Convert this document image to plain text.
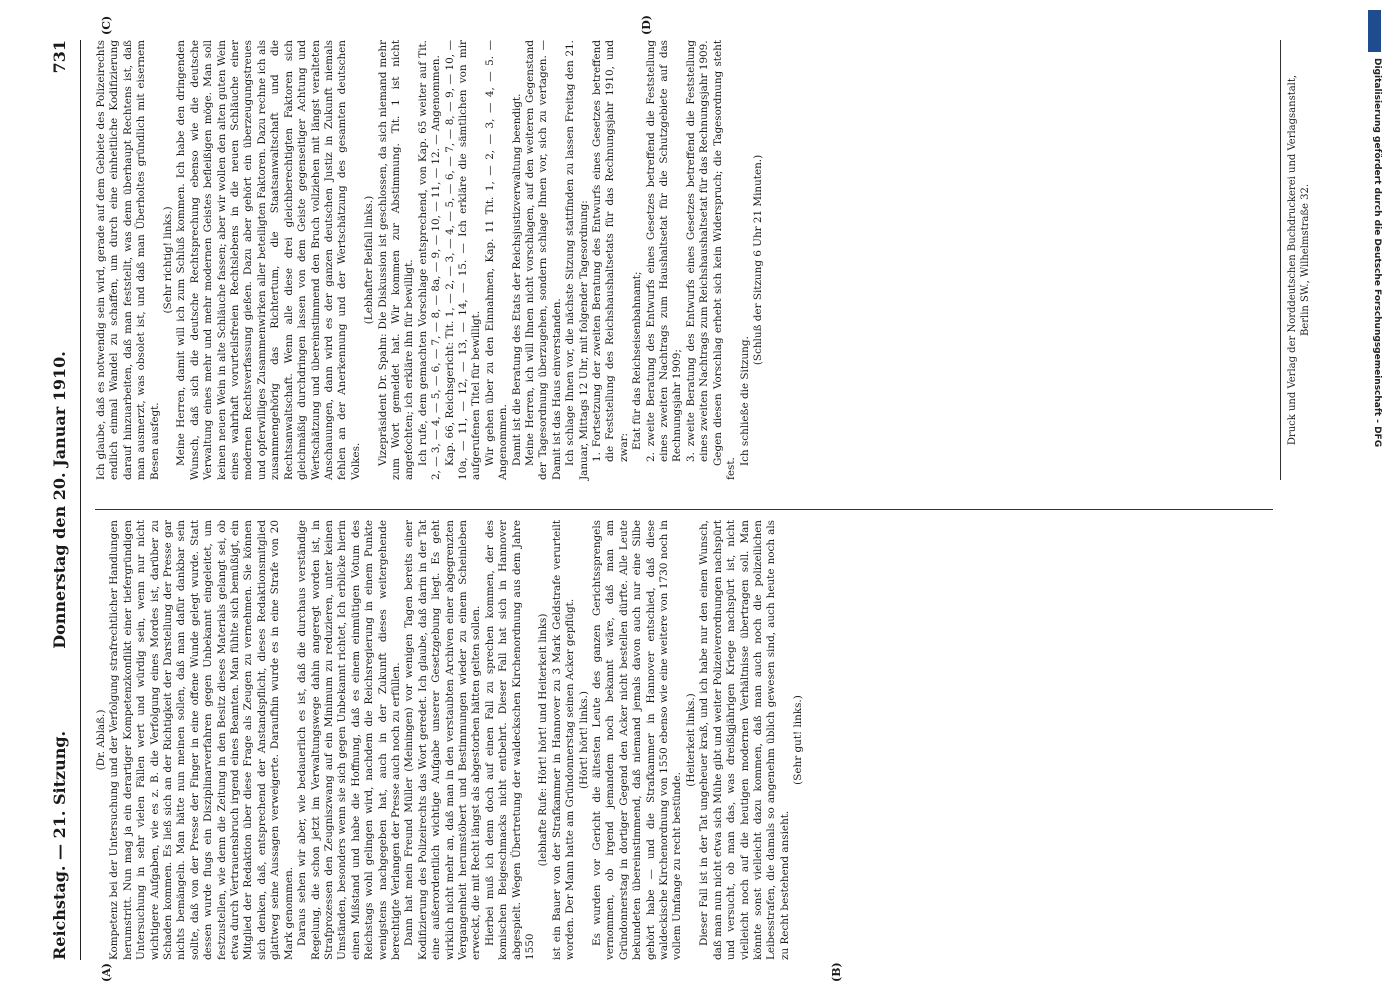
Reichstag. — 21. Sitzung.
Donnerstag den 20. Januar 1910.
731
(A)	(B)
(C)	(D)

(Dr. Ablaß.) Kompetenz bei der Untersuchung und der Verfolgung strafrechtlicher Handlungen herumstritt. Nun mag ja ein derartiger Kompetenzkonflikt einer tiefergründigen Untersuchung in sehr vielen Fällen wert und würdig sein, wenn nur nicht wichtigere Aufgaben, wie es z. B. die Verfolgung eines Mordes ist, darüber zu Schaden kommen. Es ließ sich an der Richtigkeit der Darstellung der Presse gar nichts bemängeln. Man hätte nun meinen sollen, daß man dafür dankbar sein sollte, daß von der Presse der Finger in eine offene Wunde gelegt wurde. Statt dessen wurde flugs ein Disziplinarverfahren gegen Unbekannt eingeleitet, um festzustellen, wie denn die Zeitung in den Besitz dieses Materials gelangt sei, ob etwa durch Vertrauensbruch irgend eines Beamten. Man fühlte sich bemüßigt, ein Mitglied der Redaktion über diese Frage als Zeugen zu vernehmen. Sie können sich denken, daß, entsprechend der Anstandspflicht, dieses Redaktionsmitglied glattweg seine Aussagen verweigerte. Daraufhin wurde es in eine Strafe von 20 Mark genommen. Daraus sehen wir aber, wie bedauerlich es ist, daß die durchaus verständige Regelung, die schon jetzt im Verwaltungswege dahin angeregt worden ist, in Strafprozessen den Zeugniszwang auf ein Minimum zu reduzieren, unter keinen Umständen, besonders wenn sie sich gegen Unbekannt richtet, Ich erblicke hierin einen Mißstand und habe die Hoffnung, daß es einem einmütigen Votum des Reichstags wohl gelingen wird, nachdem die Reichsregierung in einem Punkte wenigstens nachgegeben hat, auch in der Zukunft dieses weitergehende berechtigte Verlangen der Presse auch noch zu erfüllen. Dann hat mein Freund Müller (Meiningen) vor wenigen Tagen bereits einer Kodifizierung des Polizeirechts das Wort geredet. Ich glaube, daß darin in der Tat eine außerordentlich wichtige Aufgabe unserer Gesetzgebung liegt. Es geht wirklich nicht mehr an, daß man in den verstaubten Archiven einer abgegrenzten Vergangenheit herumstöbert und Bestimmungen wieder zu einem Scheinleben erweckt, die mit Recht längst als abgestorben hätten gelten sollen. Hierbei muß ich denn doch auf einen Fall zu sprechen kommen, der des komischen Beigeschmacks nicht entbehrt. Dieser Fall hat sich in Hannover abgespielt. Wegen Übertretung der waldeckschen Kirchenordnung aus dem Jahre 1550

(lebhafte Rufe: Hört! hört! und Heiterkeit links) ist ein Bauer von der Strafkammer in Hannover zu 3 Mark Geldstrafe verurteilt worden. Der Mann hatte am Gründonnerstag seinen Acker gepflügt. (Hört! hört! links.) Es wurden vor Gericht die ältesten Leute des ganzen Gerichtssprengels vernommen, ob irgend jemandem noch bekannt wäre, daß man am Gründonnerstag in dortiger Gegend den Acker nicht bestellen dürfte. Alle Leute bekundeten übereinstimmend, daß niemand jemals davon auch nur eine Silbe gehört habe — und die Strafkammer in Hannover entschied, daß diese waldeckische Kirchenordnung von 1550 ebenso wie eine weitere von 1730 noch in vollem Umfange zu recht bestünde.

(Heiterkeit links.) Dieser Fall ist in der Tat ungeheuer kraß, und ich habe nur den einen Wunsch, daß man nun nicht etwa sich Mühe gibt und weiter Polizeiverordnungen nachspürt und versucht, ob man das, was dreißigjährigen Kriege nachspürt ist, nicht vielleicht noch auf die heutigen modernen Verhältnisse übertragen soll. Man könnte sonst vielleicht dazu kommen, daß man auch noch die polizeilichen Leibesstrafen, die damals so angenehm üblich gewesen sind, auch heute noch als zu Recht bestehend ansieht.

(Sehr gut! links.)

Ich glaube, daß es notwendig sein wird, gerade auf dem Gebiete des Polizeirechts endlich einmal Wandel zu schaffen, um durch eine einheitliche Kodifizierung darauf hinzuarbeiten, daß man feststellt, was denn überhaupt Rechtens ist, daß man ausmerzt, was obsolet ist, und daß man Überholtes gründlich mit eisernem Besen ausfegt.

(Sehr richtig! links.) Meine Herren, damit will ich zum Schluß kommen. Ich habe den dringenden Wunsch, daß sich die deutsche Rechtsprechung ebenso wie die deutsche Verwaltung eines mehr und mehr modernen Geistes befleißigen möge. Man soll keinen neuen Wein in alte Schläuche fassen; aber wir wollen den alten guten Wein eines wahrhaft vorurteilsfreien Rechtslebens in die neuen Schläuche einer modernen Rechtsverfassung gießen. Dazu aber gehört ein überzeugungstreues und opferwilliges Zusammenwirken aller beteiligten Faktoren. Dazu rechne ich als zusammengehörig das Richtertum, die Staatsanwaltschaft und die Rechtsanwaltschaft. Wenn alle diese drei gleichberechtigten Faktoren sich gleichmäßig durchdringen lassen von dem Geiste gegenseitiger Achtung und Wertschätzung und übereinstimmend den Bruch vollziehen mit längst veralteten Anschauungen, dann wird es der ganzen deutschen Justiz in Zukunft niemals fehlen an der Anerkennung und der Wertschätzung des gesamten deutschen Volkes.

(Lebhafter Beifall links.) Vizepräsident Dr. Spahn: Die Diskussion ist geschlossen, da sich niemand mehr zum Wort gemeldet hat. Wir kommen zur Abstimmung. Tit. 1 ist nicht angefochten; ich erkläre ihn für bewilligt. Ich rufe, dem gemachten Vorschlage entsprechend, von Kap. 65 weiter auf Tit. 2, — 3, — 4, — 5, — 6, — 7, — 8, — 8a, — 9, — 10, — 11, — 12. — Angenommen. Kap. 66, Reichsgericht: Tit. 1, — 2, — 3, — 4, — 5, — 6, — 7, — 8, — 9, — 10, — 10a, — 11, — 12, — 13, — 14, — 15. — Ich erkläre die sämtlichen von mir aufgerufenen Titel für bewilligt. Wir gehen über zu den Einnahmen, Kap. 11 Tit. 1, — 2, — 3, — 4, — 5. — Angenommen. Damit ist die Beratung des Etats der Reichsjustizverwaltung beendigt. Meine Herren, ich will Ihnen nicht vorschlagen, auf den weiteren Gegenstand der Tagesordnung überzugehen, sondern schlage Ihnen vor, sich zu vertagen. — Damit ist das Haus einverstanden. Ich schlage Ihnen vor, die nächste Sitzung stattfinden zu lassen Freitag den 21. Januar, Mittags 12 Uhr, mit folgender Tagesordnung: 1. Fortsetzung der zweiten Beratung des Entwurfs eines Gesetzes betreffend die Feststellung des Reichshaushaltsetats für das Rechnungsjahr 1910, und zwar: Etat für das Reichseisenbahnamt; 2. zweite Beratung des Entwurfs eines Gesetzes betreffend die Feststellung eines zweiten Nachtrags zum Haushaltsetat für die Schutzgebiete auf das Rechnungsjahr 1909; 3. zweite Beratung des Entwurfs eines Gesetzes betreffend die Feststellung eines zweiten Nachtrags zum Reichshaushaltsetat für das Rechnungsjahr 1909. Gegen diesen Vorschlag erhebt sich kein Widerspruch; die Tagesordnung steht fest.

Ich schließe die Sitzung.

(Schluß der Sitzung 6 Uhr 21 Minuten.)	Druck und Verlag der Norddeutschen Buchdruckerei und Verlagsanstalt, Berlin SW., Wilhelmstraße 32.	Digitalisierung gefördert durch die Deutsche Forschungsgemeinschaft - DFG
